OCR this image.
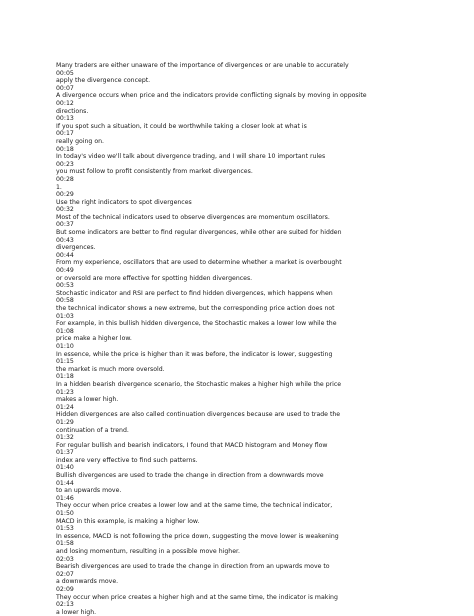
Many traders are either unaware of the importance of divergences or are unable to accurately
00:05
apply the divergence concept.
00:07
A divergence occurs when price and the indicators provide conflicting signals by moving in opposite
00:12
directions.
00:13
If you spot such a situation, it could be worthwhile taking a closer look at what is
00:17
really going on.
00:18
In today's video we'll talk about divergence trading, and I will share 10 important rules
00:23
you must follow to profit consistently from market divergences.
00:28
1.
00:29
Use the right indicators to spot divergences
00:32
Most of the technical indicators used to observe divergences are momentum oscillators.
00:37
But some indicators are better to find regular divergences, while other are suited for hidden
00:43
divergences.
00:44
From my experience, oscillators that are used to determine whether a market is overbought
00:49
or oversold are more effective for spotting hidden divergences.
00:53
Stochastic indicator and RSI are perfect to find hidden divergences, which happens when
00:58
the technical indicator shows a new extreme, but the corresponding price action does not
01:03
For example, in this bullish hidden divergence, the Stochastic makes a lower low while the
01:08
price make a higher low.
01:10
In essence, while the price is higher than it was before, the indicator is lower, suggesting
01:15
the market is much more oversold.
01:18
In a hidden bearish divergence scenario, the Stochastic makes a higher high while the price
01:23
makes a lower high.
01:24
Hidden divergences are also called continuation divergences because are used to trade the
01:29
continuation of a trend.
01:32
For regular bullish and bearish indicators, I found that MACD histogram and Money flow
01:37
index are very effective to find such patterns.
01:40
Bullish divergences are used to trade the change in direction from a downwards move
01:44
to an upwards move.
01:46
They occur when price creates a lower low and at the same time, the technical indicator,
01:50
MACD in this example, is making a higher low.
01:53
In essence, MACD is not following the price down, suggesting the move lower is weakening
01:58
and losing momentum, resulting in a possible move higher.
02:03
Bearish divergences are used to trade the change in direction from an upwards move to
02:07
a downwards move.
02:09
They occur when price creates a higher high and at the same time, the indicator is making
02:13
a lower high.
